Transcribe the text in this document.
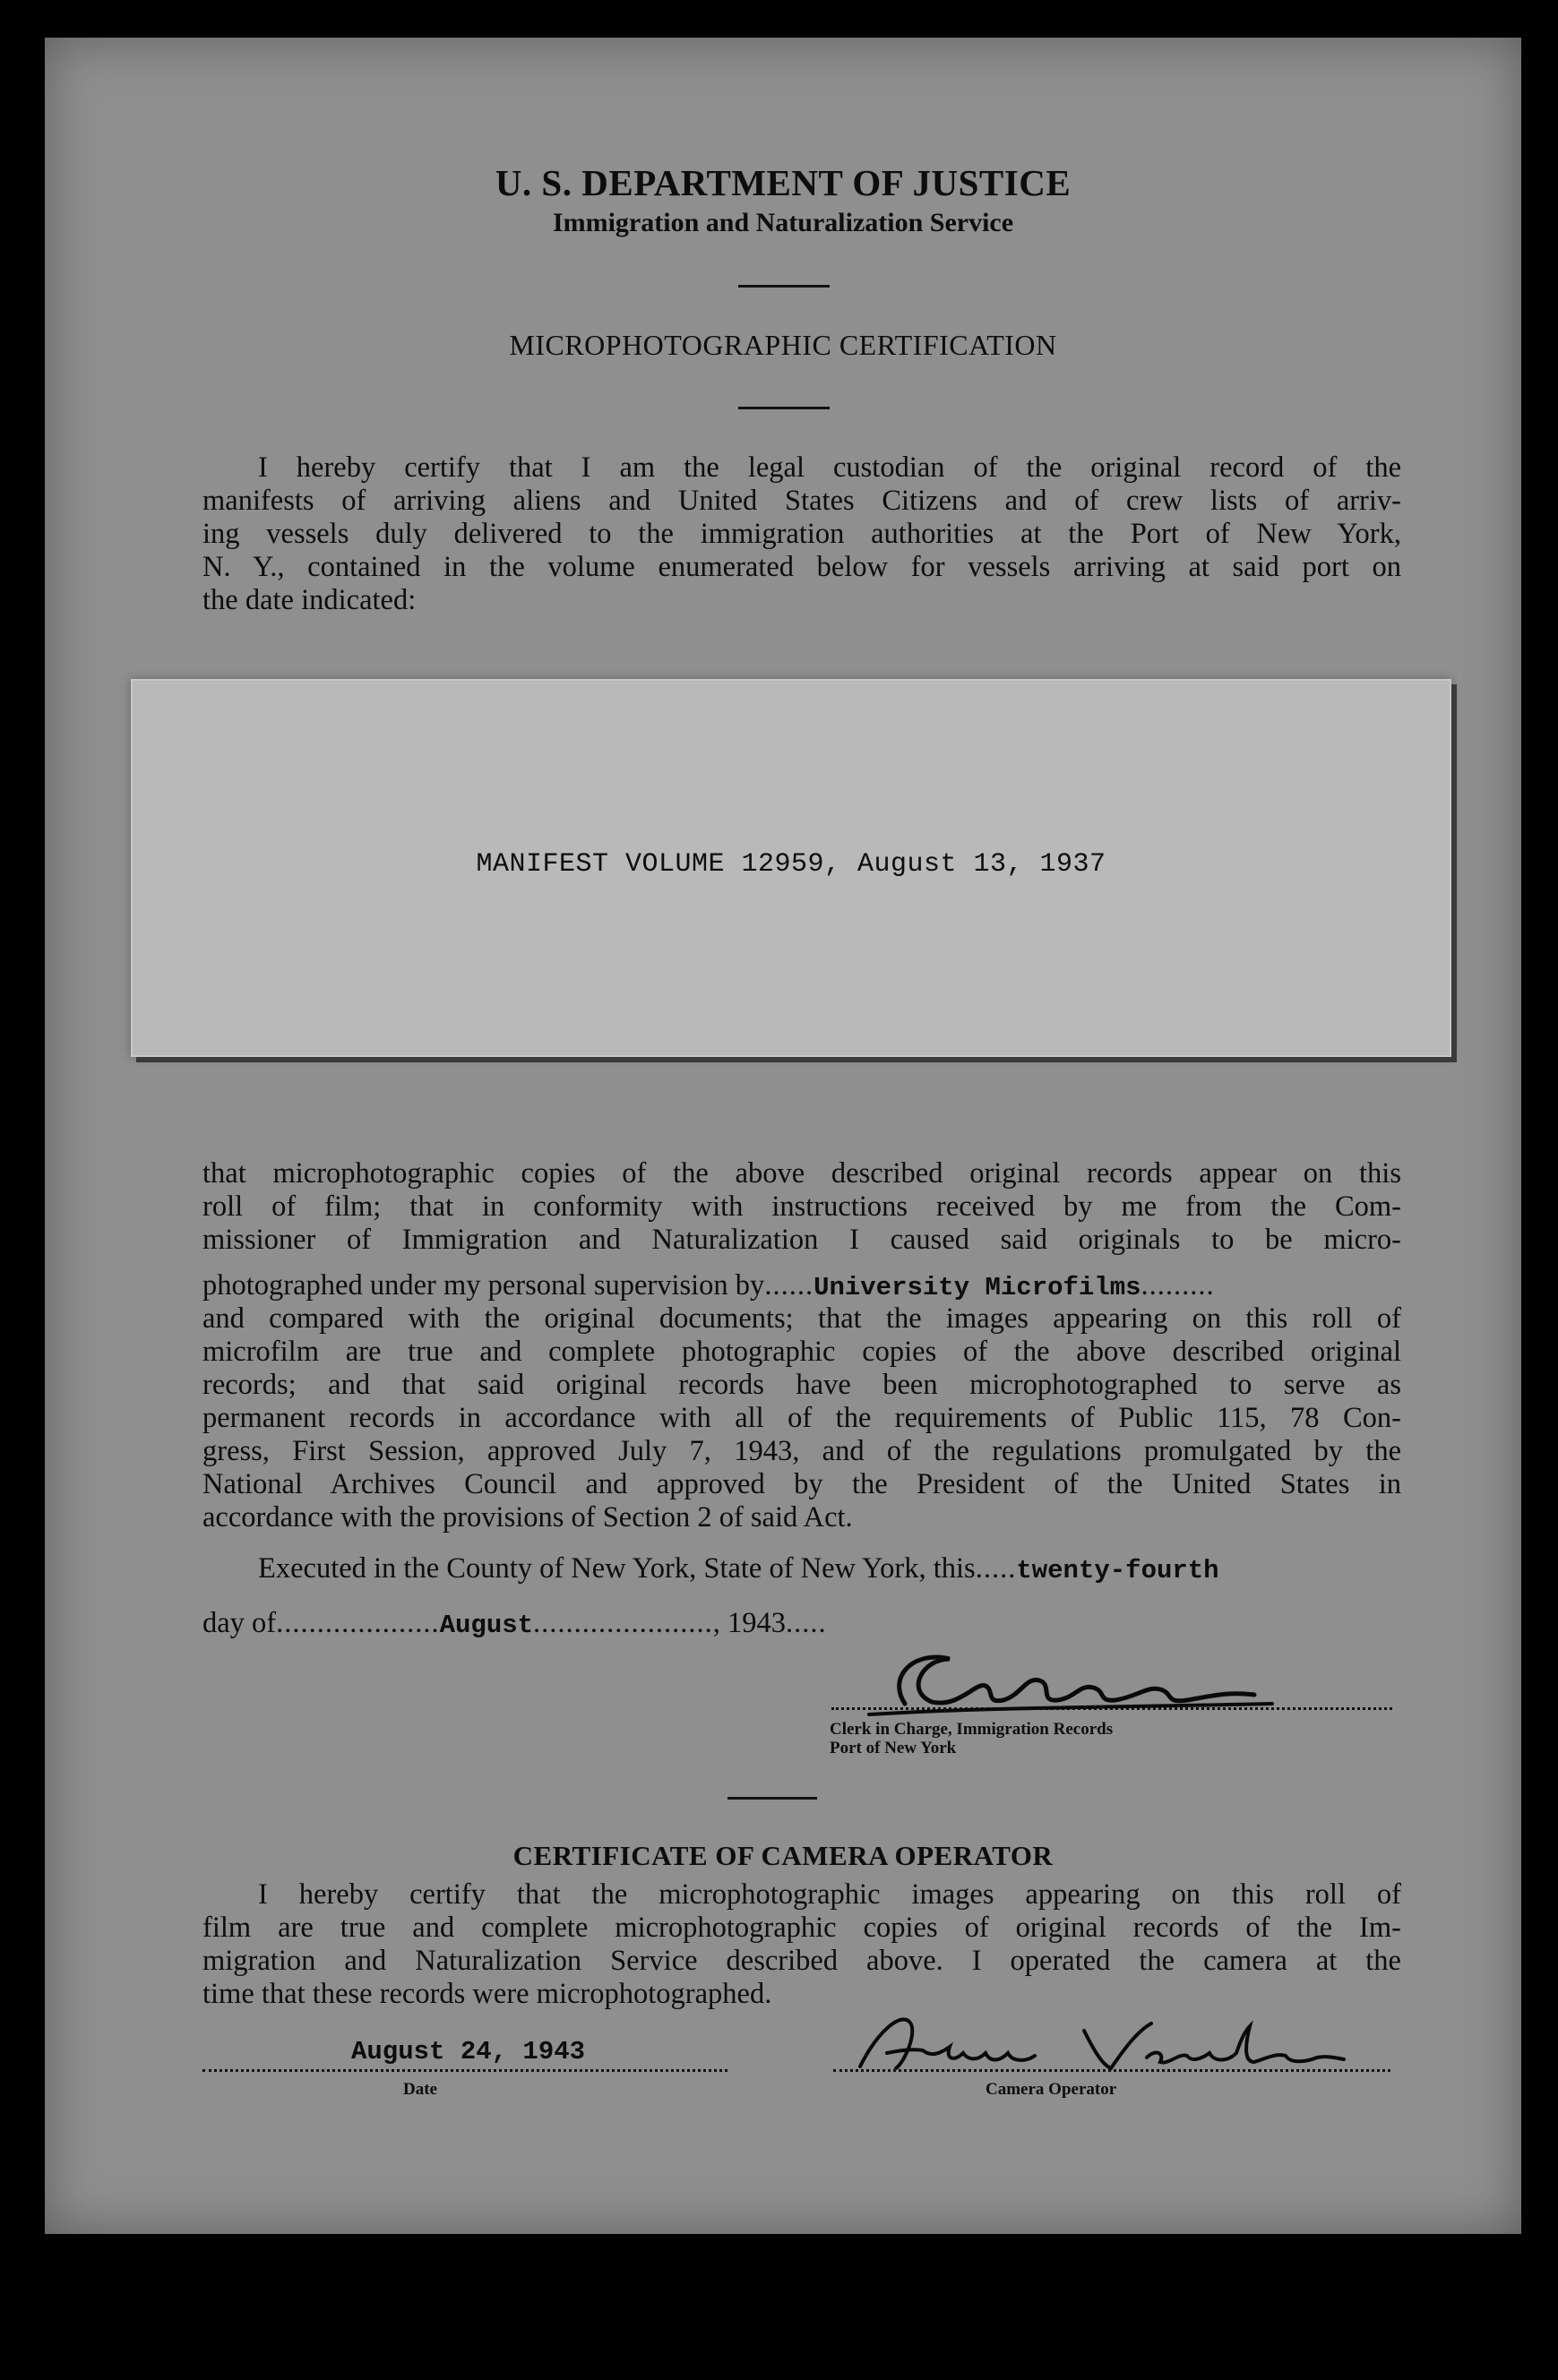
U. S. DEPARTMENT OF JUSTICE
Immigration and Naturalization Service
MICROPHOTOGRAPHIC CERTIFICATION
I hereby certify that I am the legal custodian of the original record of the
manifests of arriving aliens and United States Citizens and of crew lists of arriv-
ing vessels duly delivered to the immigration authorities at the Port of New York,
N. Y., contained in the volume enumerated below for vessels arriving at said port on
the date indicated:
MANIFEST VOLUME 12959, August 13, 1937
that microphotographic copies of the above described original records appear on this
roll of film; that in conformity with instructions received by me from the Com-
missioner of Immigration and Naturalization I caused said originals to be micro-
photographed under my personal supervision by......University Microfilms.........
and compared with the original documents; that the images appearing on this roll of
microfilm are true and complete photographic copies of the above described original
records; and that said original records have been microphotographed to serve as
permanent records in accordance with all of the requirements of Public 115, 78 Con-
gress, First Session, approved July 7, 1943, and of the regulations promulgated by the
National Archives Council and approved by the President of the United States in
accordance with the provisions of Section 2 of said Act.
Executed in the County of New York, State of New York, this.....twenty-fourth
day of....................August......................, 1943.....
Clerk in Charge, Immigration Records
Port of New York
CERTIFICATE OF CAMERA OPERATOR
I hereby certify that the microphotographic images appearing on this roll of
film are true and complete microphotographic copies of original records of the Im-
migration and Naturalization Service described above. I operated the camera at the
time that these records were microphotographed.
August 24, 1943
Date	Camera Operator
